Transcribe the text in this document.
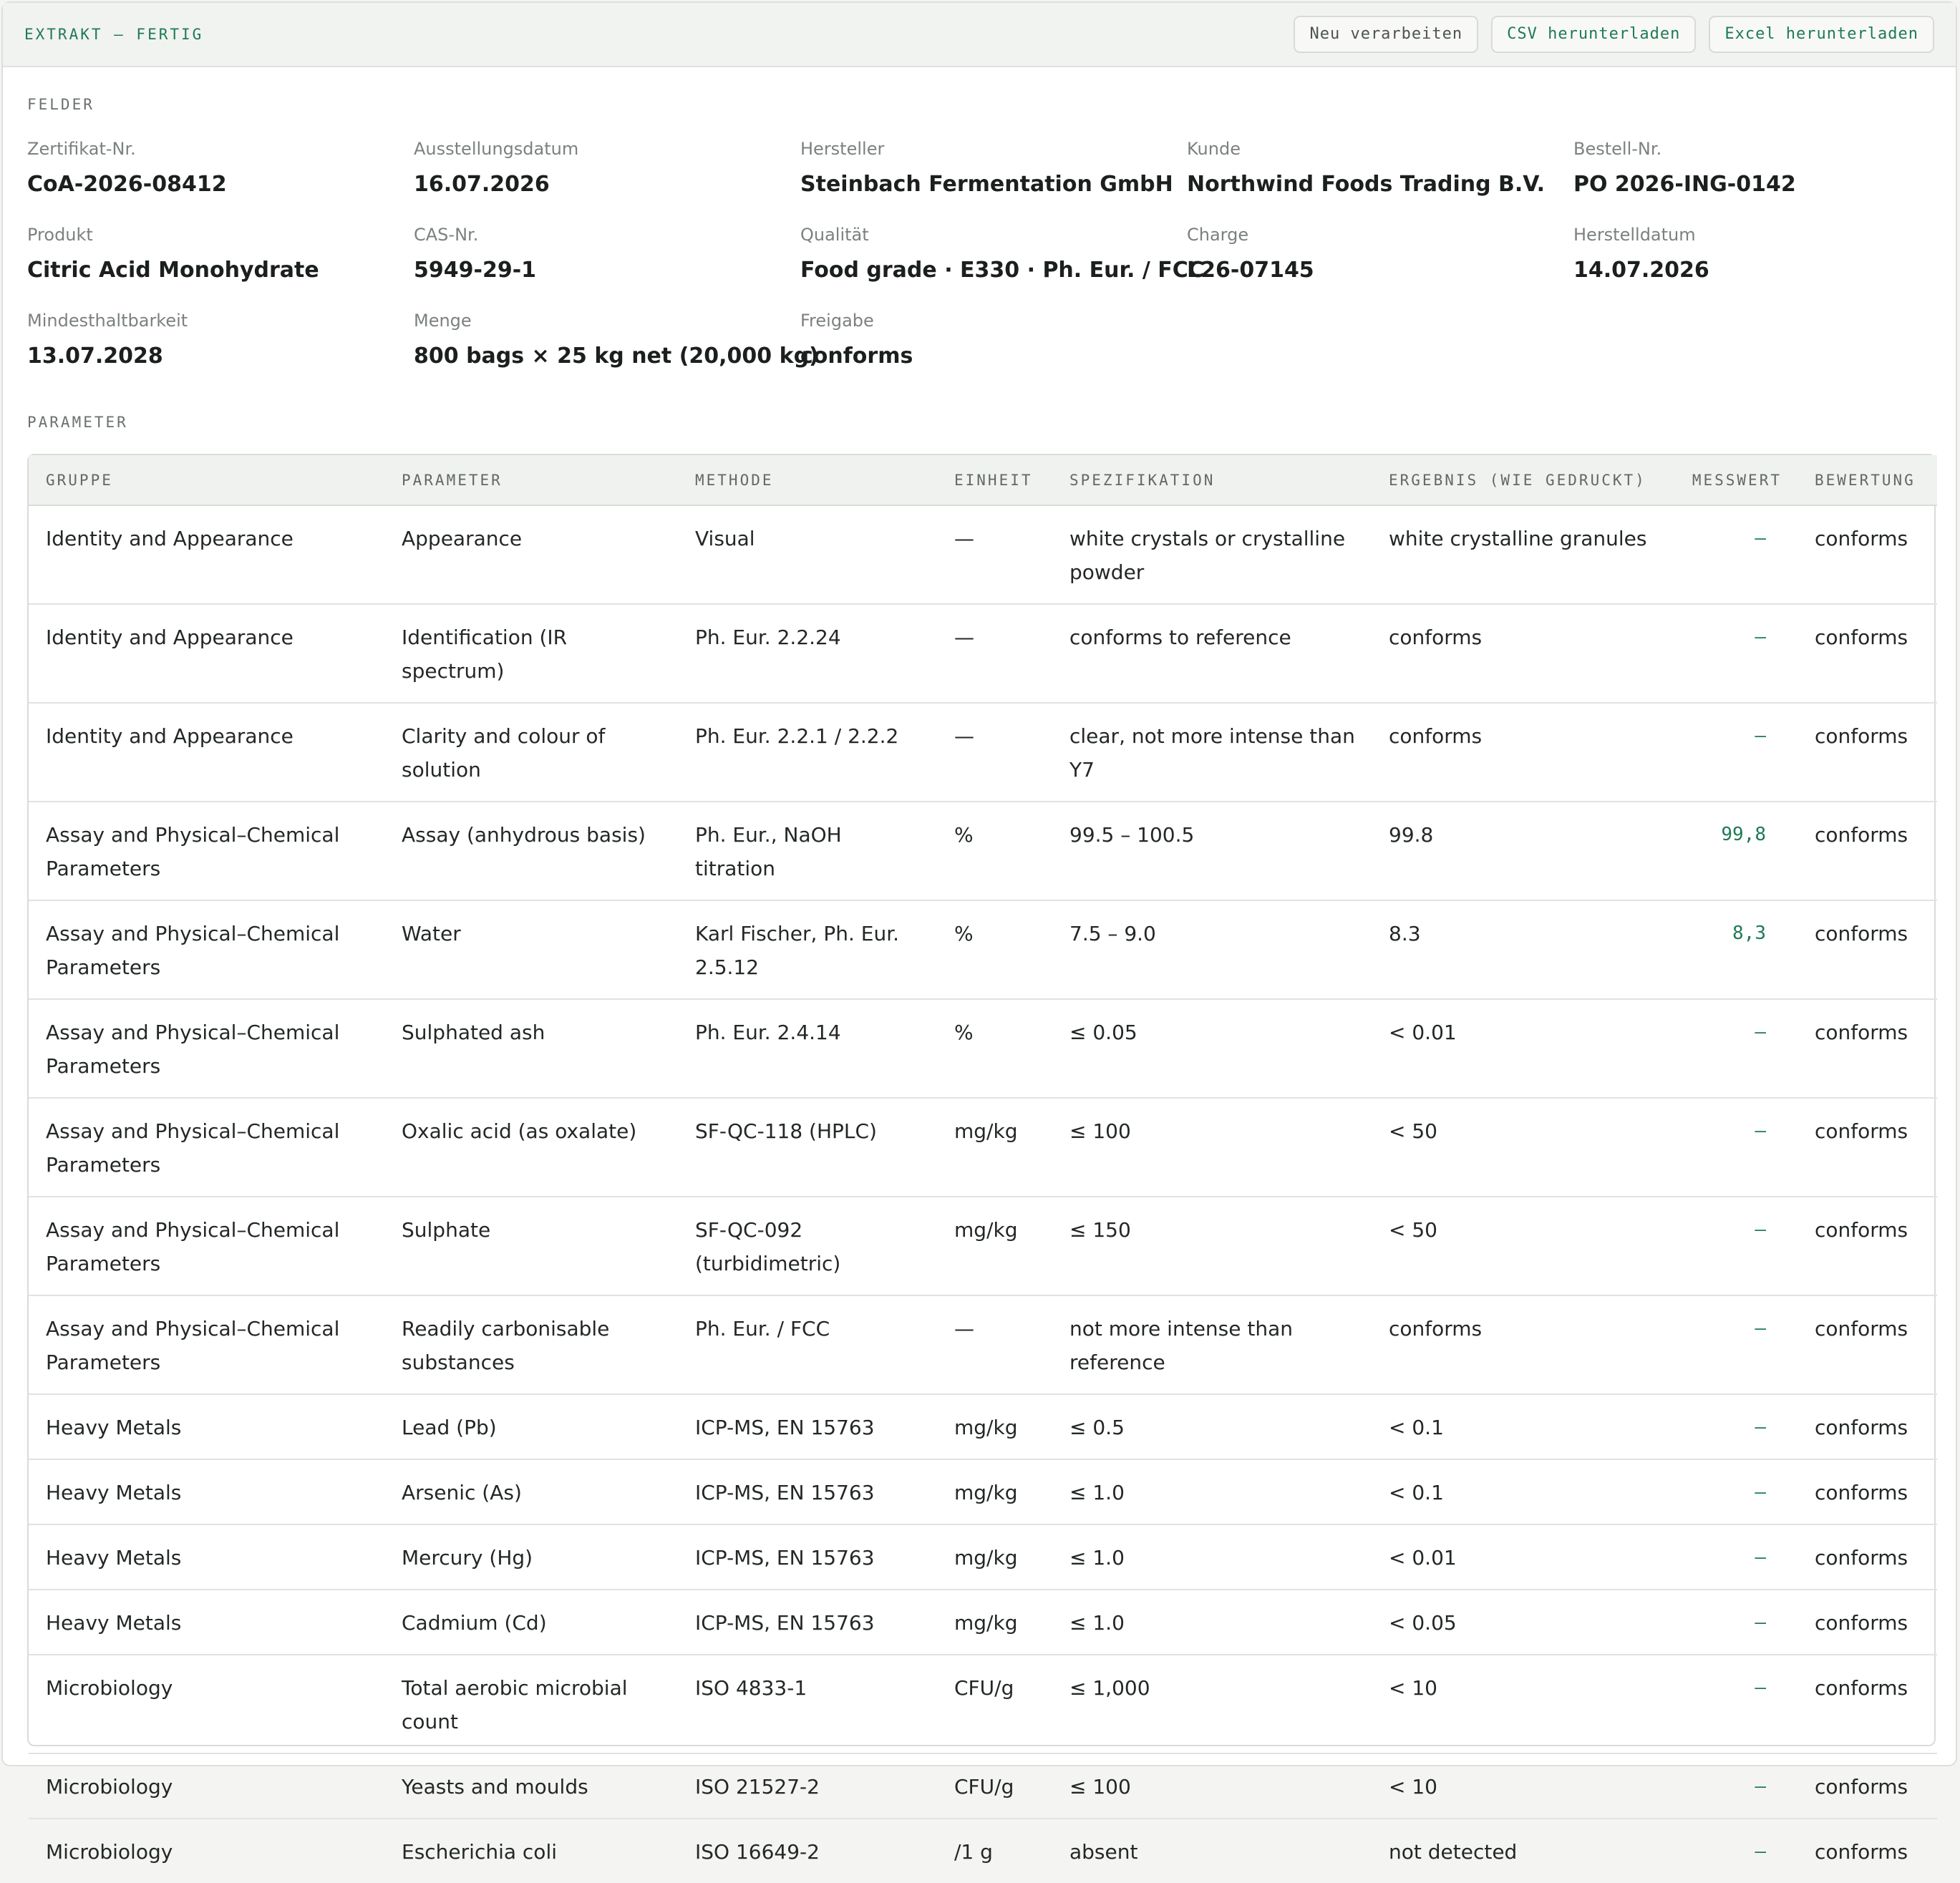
EXTRAKT — FERTIG	Neu verarbeiten	CSV herunterladen	Excel herunterladen
FELDER
Zertifikat-Nr.
CoA-2026-08412
Ausstellungsdatum
16.07.2026
Hersteller
Steinbach Fermentation GmbH
Kunde
Northwind Foods Trading B.V.
Bestell-Nr.
PO 2026-ING-0142
Produkt
Citric Acid Monohydrate
CAS-Nr.
5949-29-1
Qualität
Food grade · E330 · Ph. Eur. / FCC
Charge
L26-07145
Herstelldatum
14.07.2026
Mindesthaltbarkeit
13.07.2028
Menge
800 bags × 25 kg net (20,000 kg)
Freigabe
conforms
PARAMETER
GRUPPE	PARAMETER	METHODE	EINHEIT	SPEZIFIKATION	ERGEBNIS (WIE GEDRUCKT)	MESSWERT	BEWERTUNG
Identity and Appearance	Appearance	Visual	—	white crystals or crystalline powder	white crystalline granules	–	conforms
Identity and Appearance	Identification (IR spectrum)	Ph. Eur. 2.2.24	—	conforms to reference	conforms	–	conforms
Identity and Appearance	Clarity and colour of solution	Ph. Eur. 2.2.1 / 2.2.2	—	clear, not more intense than Y7	conforms	–	conforms
Assay and Physical–Chemical Parameters	Assay (anhydrous basis)	Ph. Eur., NaOH titration	%	99.5 – 100.5	99.8	99,8	conforms
Assay and Physical–Chemical Parameters	Water	Karl Fischer, Ph. Eur. 2.5.12	%	7.5 – 9.0	8.3	8,3	conforms
Assay and Physical–Chemical Parameters	Sulphated ash	Ph. Eur. 2.4.14	%	≤ 0.05	< 0.01	–	conforms
Assay and Physical–Chemical Parameters	Oxalic acid (as oxalate)	SF-QC-118 (HPLC)	mg/kg	≤ 100	< 50	–	conforms
Assay and Physical–Chemical Parameters	Sulphate	SF-QC-092 (turbidimetric)	mg/kg	≤ 150	< 50	–	conforms
Assay and Physical–Chemical Parameters	Readily carbonisable substances	Ph. Eur. / FCC	—	not more intense than reference	conforms	–	conforms
Heavy Metals	Lead (Pb)	ICP-MS, EN 15763	mg/kg	≤ 0.5	< 0.1	–	conforms
Heavy Metals	Arsenic (As)	ICP-MS, EN 15763	mg/kg	≤ 1.0	< 0.1	–	conforms
Heavy Metals	Mercury (Hg)	ICP-MS, EN 15763	mg/kg	≤ 1.0	< 0.01	–	conforms
Heavy Metals	Cadmium (Cd)	ICP-MS, EN 15763	mg/kg	≤ 1.0	< 0.05	–	conforms
Microbiology	Total aerobic microbial count	ISO 4833-1	CFU/g	≤ 1,000	< 10	–	conforms
Microbiology	Yeasts and moulds	ISO 21527-2	CFU/g	≤ 100	< 10	–	conforms
Microbiology	Escherichia coli	ISO 16649-2	/1 g	absent	not detected	–	conforms
